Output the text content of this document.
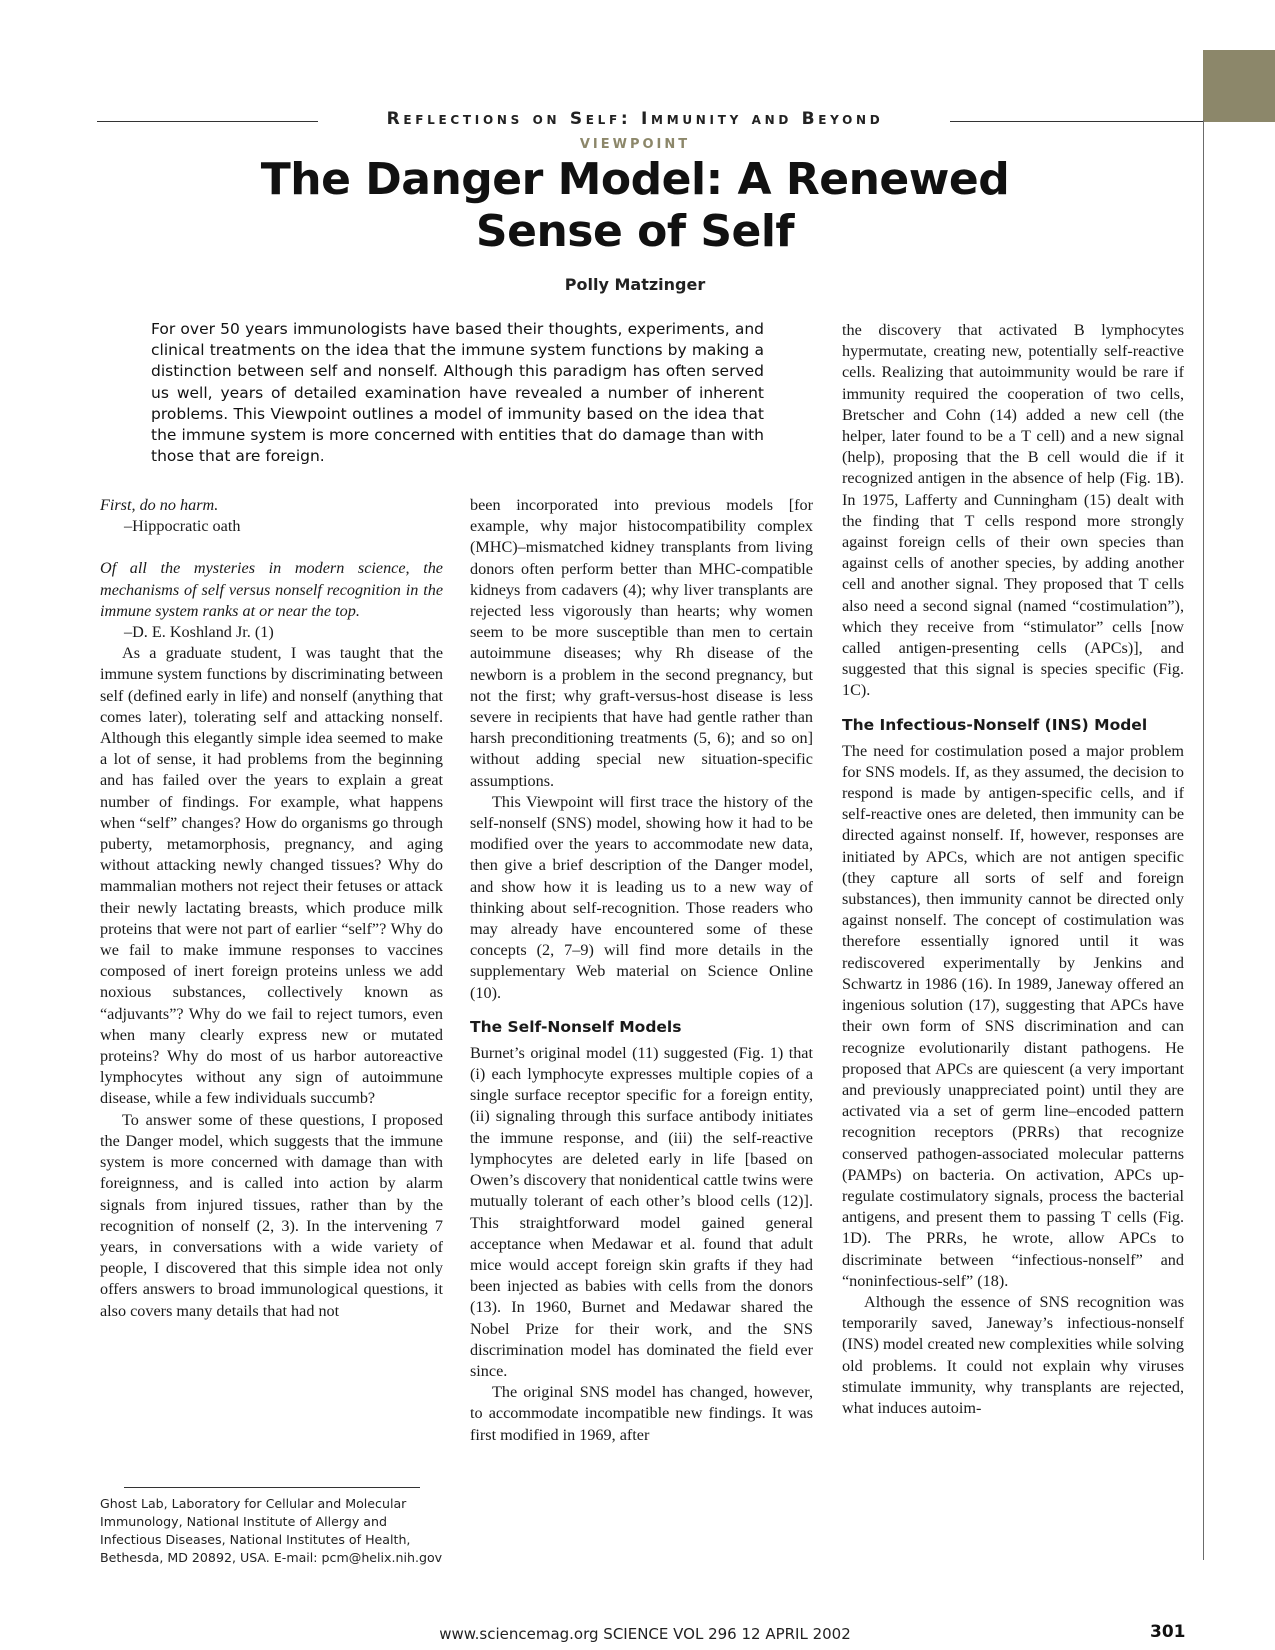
Reflections on Self: Immunity and Beyond
VIEWPOINT
The Danger Model: A Renewed Sense of Self
Polly Matzinger

For over 50 years immunologists have based their thoughts, experiments, and clinical treatments on the idea that the immune system functions by making a distinction between self and nonself. Although this paradigm has often served us well, years of detailed examination have revealed a number of inherent problems. This Viewpoint outlines a model of immunity based on the idea that the immune system is more concerned with entities that do damage than with those that are foreign.

First, do no harm.
–Hippocratic oath

Of all the mysteries in modern science, the mechanisms of self versus nonself recognition in the immune system ranks at or near the top.

–D. E. Koshland Jr. (1)

As a graduate student, I was taught that the immune system functions by discriminating between self (defined early in life) and nonself (anything that comes later), tolerating self and attacking nonself. Although this elegantly simple idea seemed to make a lot of sense, it had problems from the beginning and has failed over the years to explain a great number of findings. For example, what happens when “self” changes? How do organisms go through puberty, metamorphosis, pregnancy, and aging without attacking newly changed tissues? Why do mammalian mothers not reject their fetuses or attack their newly lactating breasts, which produce milk proteins that were not part of earlier “self”? Why do we fail to make immune responses to vaccines composed of inert foreign proteins unless we add noxious substances, collectively known as “adjuvants”? Why do we fail to reject tumors, even when many clearly express new or mutated proteins? Why do most of us harbor autoreactive lymphocytes without any sign of autoimmune disease, while a few individuals succumb?

To answer some of these questions, I proposed the Danger model, which suggests that the immune system is more concerned with damage than with foreignness, and is called into action by alarm signals from injured tissues, rather than by the recognition of nonself (2, 3). In the intervening 7 years, in conversations with a wide variety of people, I discovered that this simple idea not only offers answers to broad immunological questions, it also covers many details that had not

been incorporated into previous models [for example, why major histocompatibility complex (MHC)–mismatched kidney transplants from living donors often perform better than MHC-compatible kidneys from cadavers (4); why liver transplants are rejected less vigorously than hearts; why women seem to be more susceptible than men to certain autoimmune diseases; why Rh disease of the newborn is a problem in the second pregnancy, but not the first; why graft-versus-host disease is less severe in recipients that have had gentle rather than harsh preconditioning treatments (5, 6); and so on] without adding special new situation-specific assumptions.

This Viewpoint will first trace the history of the self-nonself (SNS) model, showing how it had to be modified over the years to accommodate new data, then give a brief description of the Danger model, and show how it is leading us to a new way of thinking about self-recognition. Those readers who may already have encountered some of these concepts (2, 7–9) will find more details in the supplementary Web material on Science Online (10).

The Self-Nonself Models

Burnet’s original model (11) suggested (Fig. 1) that (i) each lymphocyte expresses multiple copies of a single surface receptor specific for a foreign entity, (ii) signaling through this surface antibody initiates the immune response, and (iii) the self-reactive lymphocytes are deleted early in life [based on Owen’s discovery that nonidentical cattle twins were mutually tolerant of each other’s blood cells (12)]. This straightforward model gained general acceptance when Medawar et al. found that adult mice would accept foreign skin grafts if they had been injected as babies with cells from the donors (13). In 1960, Burnet and Medawar shared the Nobel Prize for their work, and the SNS discrimination model has dominated the field ever since.

The original SNS model has changed, however, to accommodate incompatible new findings. It was first modified in 1969, after

the discovery that activated B lymphocytes hypermutate, creating new, potentially self-reactive cells. Realizing that autoimmunity would be rare if immunity required the cooperation of two cells, Bretscher and Cohn (14) added a new cell (the helper, later found to be a T cell) and a new signal (help), proposing that the B cell would die if it recognized antigen in the absence of help (Fig. 1B). In 1975, Lafferty and Cunningham (15) dealt with the finding that T cells respond more strongly against foreign cells of their own species than against cells of another species, by adding another cell and another signal. They proposed that T cells also need a second signal (named “costimulation”), which they receive from “stimulator” cells [now called antigen-presenting cells (APCs)], and suggested that this signal is species specific (Fig. 1C).

The Infectious-Nonself (INS) Model

The need for costimulation posed a major problem for SNS models. If, as they assumed, the decision to respond is made by antigen-specific cells, and if self-reactive ones are deleted, then immunity can be directed against nonself. If, however, responses are initiated by APCs, which are not antigen specific (they capture all sorts of self and foreign substances), then immunity cannot be directed only against nonself. The concept of costimulation was therefore essentially ignored until it was rediscovered experimentally by Jenkins and Schwartz in 1986 (16). In 1989, Janeway offered an ingenious solution (17), suggesting that APCs have their own form of SNS discrimination and can recognize evolutionarily distant pathogens. He proposed that APCs are quiescent (a very important and previously unappreciated point) until they are activated via a set of germ line–encoded pattern recognition receptors (PRRs) that recognize conserved pathogen-associated molecular patterns (PAMPs) on bacteria. On activation, APCs up-regulate costimulatory signals, process the bacterial antigens, and present them to passing T cells (Fig. 1D). The PRRs, he wrote, allow APCs to discriminate between “infectious-nonself” and “noninfectious-self” (18).

Although the essence of SNS recognition was temporarily saved, Janeway’s infectious-nonself (INS) model created new complexities while solving old problems. It could not explain why viruses stimulate immunity, why transplants are rejected, what induces autoim-

Ghost Lab, Laboratory for Cellular and Molecular Immunology, National Institute of Allergy and Infectious Diseases, National Institutes of Health, Bethesda, MD 20892, USA. E-mail: pcm@helix.nih.gov

www.sciencemag.org SCIENCE VOL 296 12 APRIL 2002	301
